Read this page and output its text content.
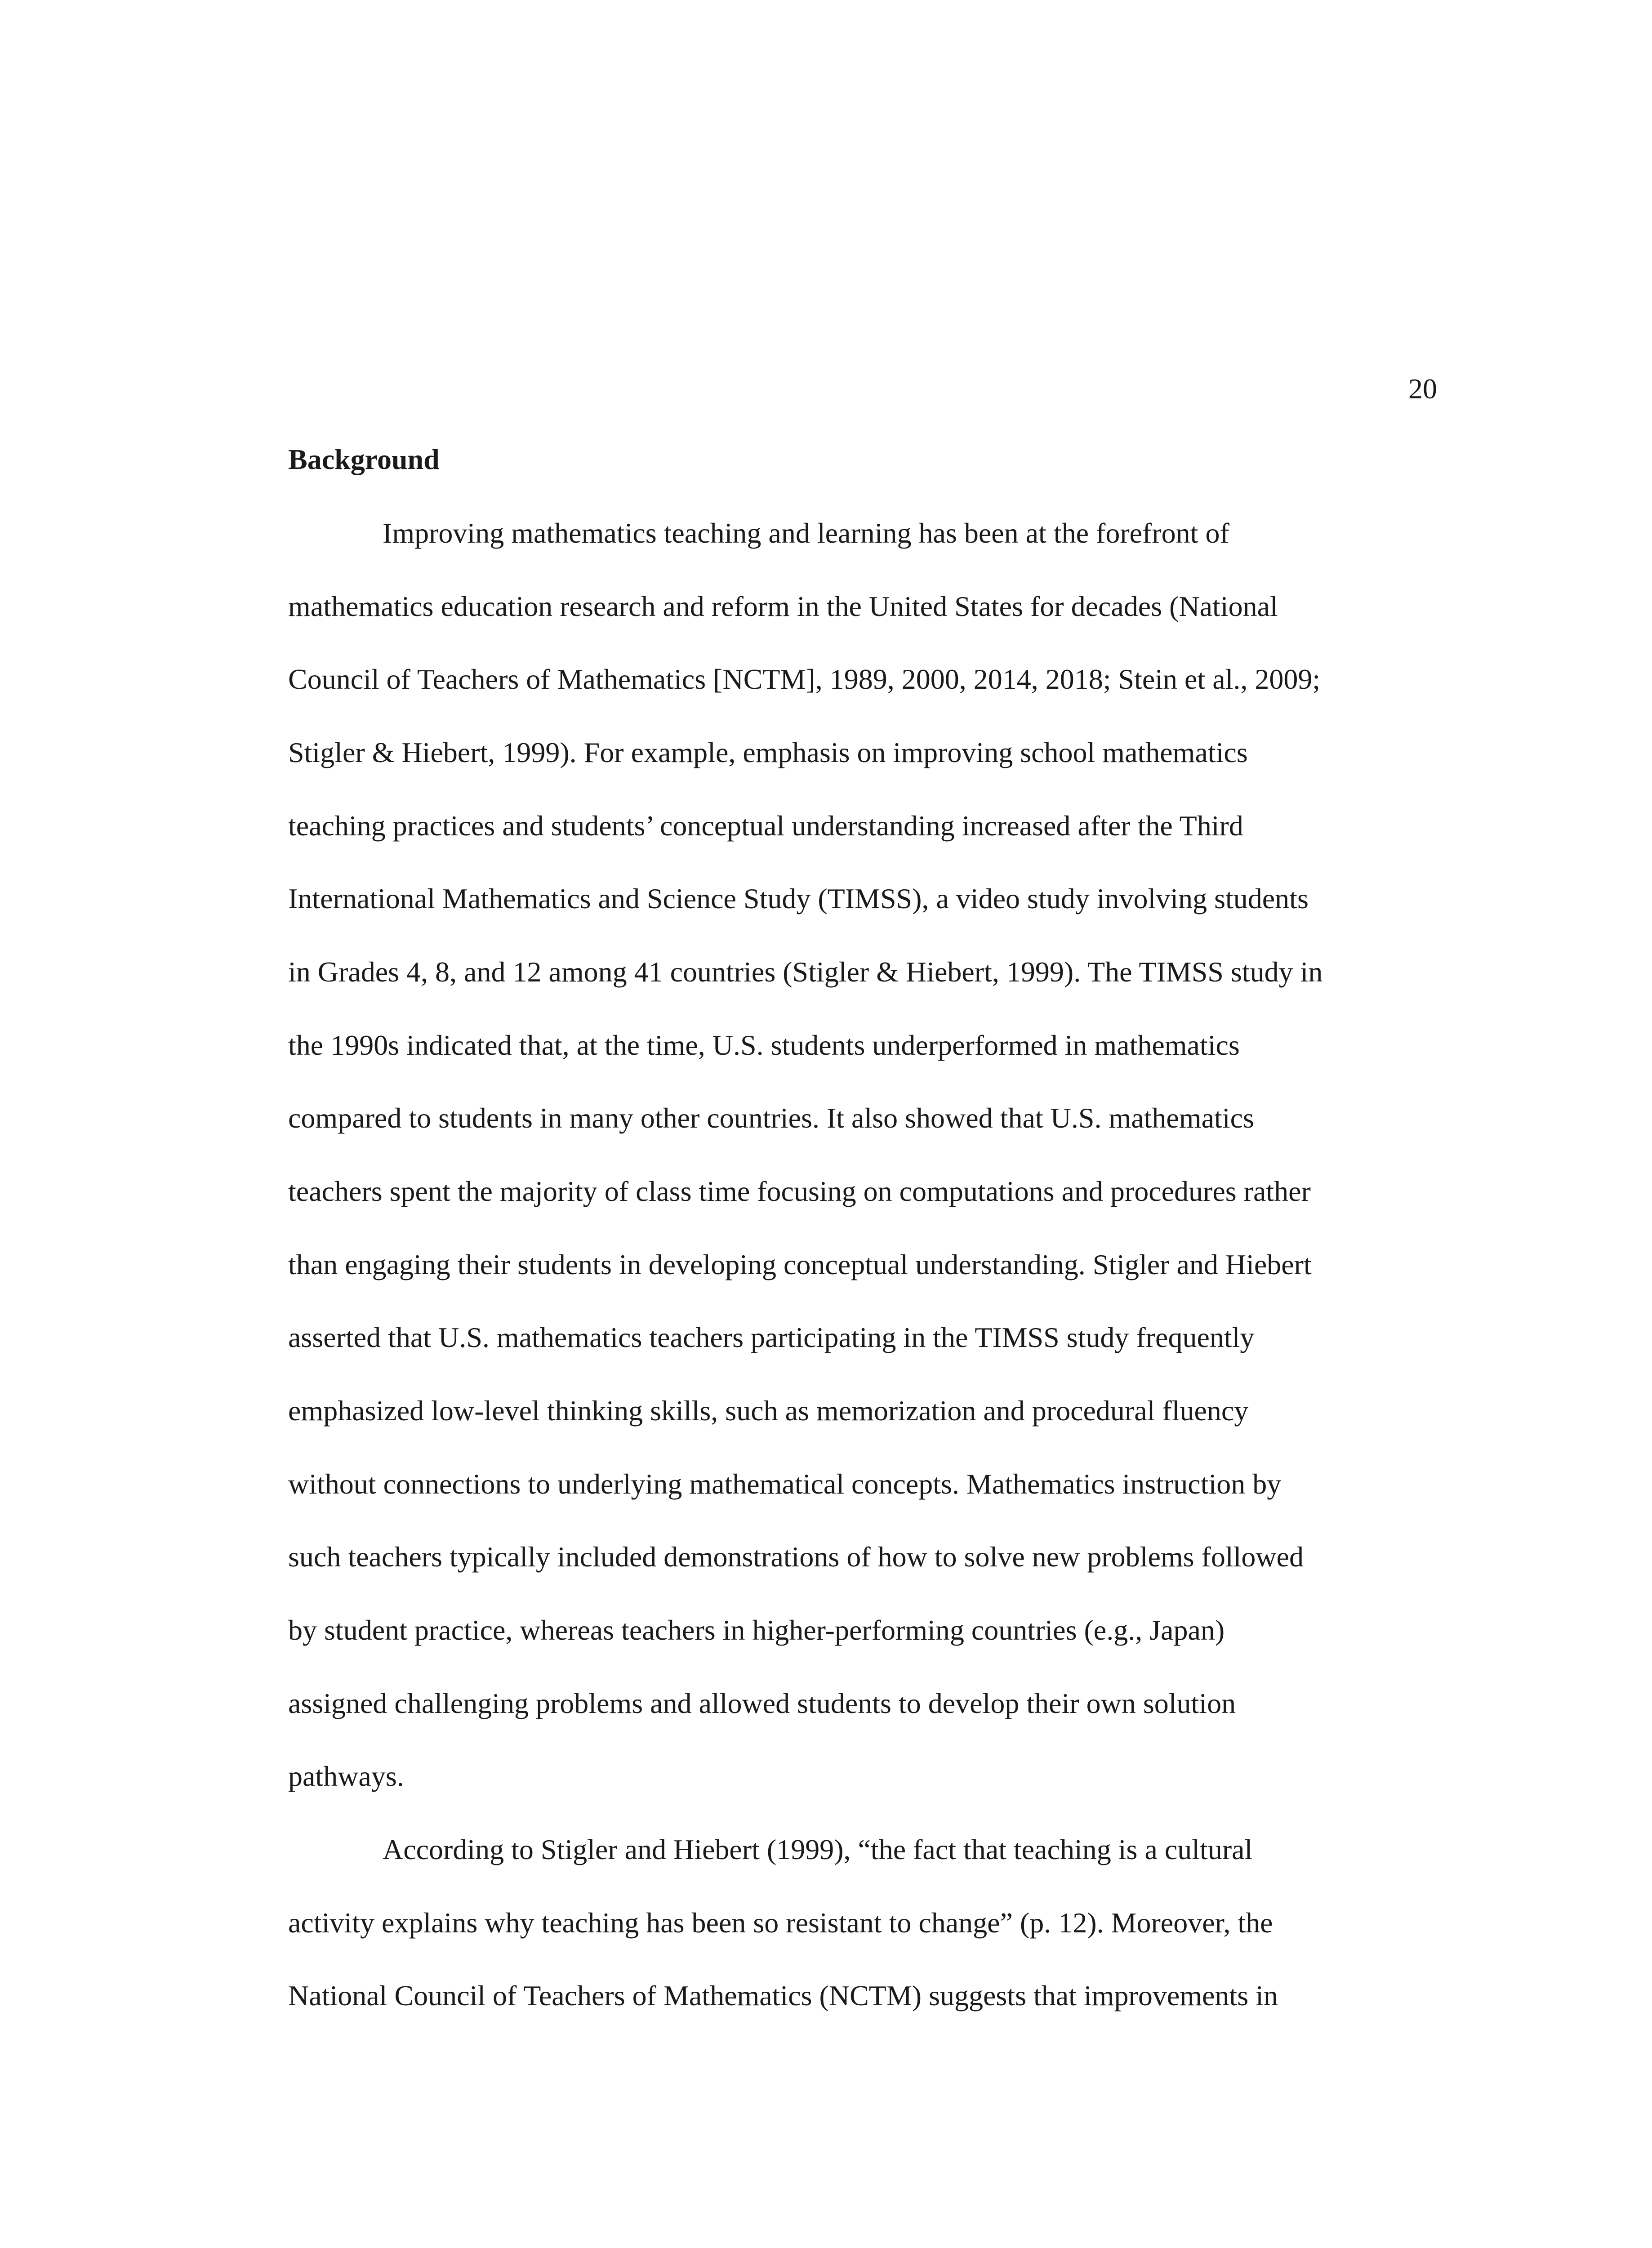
20
Background
Improving mathematics teaching and learning has been at the forefront of
mathematics education research and reform in the United States for decades (National
Council of Teachers of Mathematics [NCTM], 1989, 2000, 2014, 2018; Stein et al., 2009;
Stigler & Hiebert, 1999). For example, emphasis on improving school mathematics
teaching practices and students’ conceptual understanding increased after the Third
International Mathematics and Science Study (TIMSS), a video study involving students
in Grades 4, 8, and 12 among 41 countries (Stigler & Hiebert, 1999). The TIMSS study in
the 1990s indicated that, at the time, U.S. students underperformed in mathematics
compared to students in many other countries. It also showed that U.S. mathematics
teachers spent the majority of class time focusing on computations and procedures rather
than engaging their students in developing conceptual understanding. Stigler and Hiebert
asserted that U.S. mathematics teachers participating in the TIMSS study frequently
emphasized low-level thinking skills, such as memorization and procedural fluency
without connections to underlying mathematical concepts. Mathematics instruction by
such teachers typically included demonstrations of how to solve new problems followed
by student practice, whereas teachers in higher-performing countries (e.g., Japan)
assigned challenging problems and allowed students to develop their own solution
pathways.
According to Stigler and Hiebert (1999), “the fact that teaching is a cultural
activity explains why teaching has been so resistant to change” (p. 12). Moreover, the
National Council of Teachers of Mathematics (NCTM) suggests that improvements in
